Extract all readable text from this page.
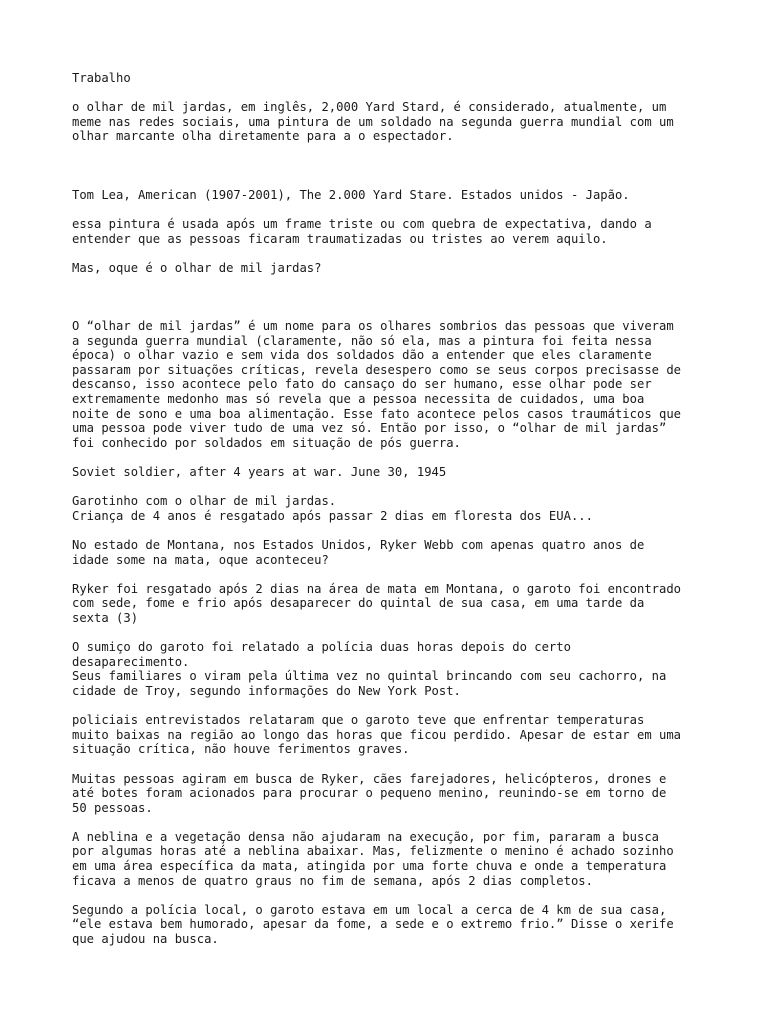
Trabalho
o olhar de mil jardas, em inglês, 2,000 Yard Stard, é considerado, atualmente, um
meme nas redes sociais, uma pintura de um soldado na segunda guerra mundial com um
olhar marcante olha diretamente para a o espectador.
Tom Lea, American (1907-2001), The 2.000 Yard Stare. Estados unidos - Japão.
essa pintura é usada após um frame triste ou com quebra de expectativa, dando a
entender que as pessoas ficaram traumatizadas ou tristes ao verem aquilo.
Mas, oque é o olhar de mil jardas?
O “olhar de mil jardas” é um nome para os olhares sombrios das pessoas que viveram
a segunda guerra mundial (claramente, não só ela, mas a pintura foi feita nessa
época) o olhar vazio e sem vida dos soldados dão a entender que eles claramente
passaram por situações críticas, revela desespero como se seus corpos precisasse de
descanso, isso acontece pelo fato do cansaço do ser humano, esse olhar pode ser
extremamente medonho mas só revela que a pessoa necessita de cuidados, uma boa
noite de sono e uma boa alimentação. Esse fato acontece pelos casos traumáticos que
uma pessoa pode viver tudo de uma vez só. Então por isso, o “olhar de mil jardas”
foi conhecido por soldados em situação de pós guerra.
Soviet soldier, after 4 years at war. June 30, 1945
Garotinho com o olhar de mil jardas.
Criança de 4 anos é resgatado após passar 2 dias em floresta dos EUA...
No estado de Montana, nos Estados Unidos, Ryker Webb com apenas quatro anos de
idade some na mata, oque aconteceu?
Ryker foi resgatado após 2 dias na área de mata em Montana, o garoto foi encontrado
com sede, fome e frio após desaparecer do quintal de sua casa, em uma tarde da
sexta (3)
O sumiço do garoto foi relatado a polícia duas horas depois do certo
desaparecimento.
Seus familiares o viram pela última vez no quintal brincando com seu cachorro, na
cidade de Troy, segundo informações do New York Post.
policiais entrevistados relataram que o garoto teve que enfrentar temperaturas
muito baixas na região ao longo das horas que ficou perdido. Apesar de estar em uma
situação crítica, não houve ferimentos graves.
Muitas pessoas agiram em busca de Ryker, cães farejadores, helicópteros, drones e
até botes foram acionados para procurar o pequeno menino, reunindo-se em torno de
50 pessoas.
A neblina e a vegetação densa não ajudaram na execução, por fim, pararam a busca
por algumas horas até a neblina abaixar. Mas, felizmente o menino é achado sozinho
em uma área específica da mata, atingida por uma forte chuva e onde a temperatura
ficava a menos de quatro graus no fim de semana, após 2 dias completos.
Segundo a polícia local, o garoto estava em um local a cerca de 4 km de sua casa,
“ele estava bem humorado, apesar da fome, a sede e o extremo frio.” Disse o xerife
que ajudou na busca.
